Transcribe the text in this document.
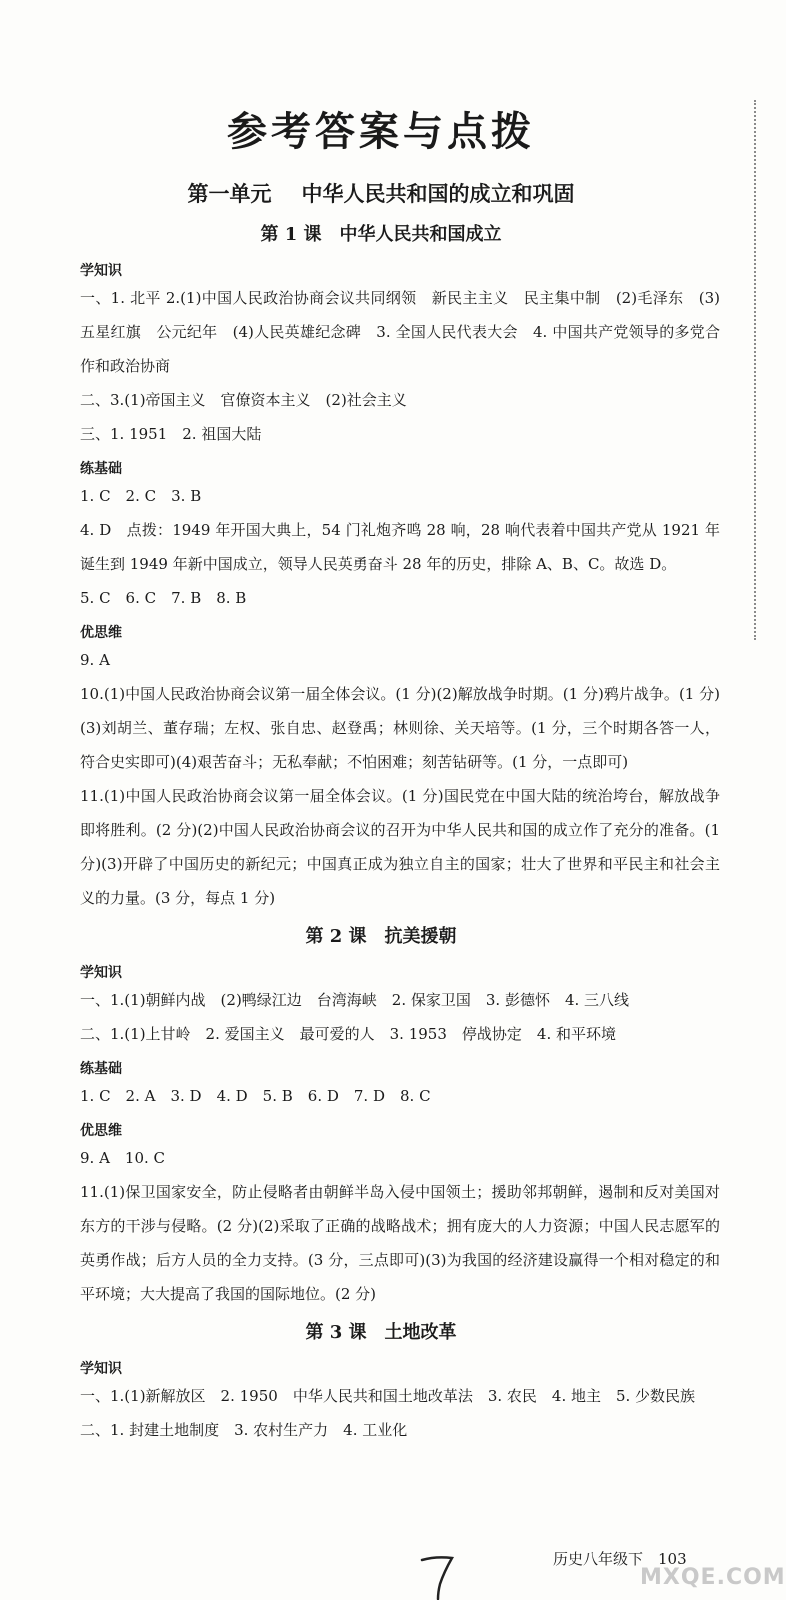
参考答案与点拨
第一单元 中华人民共和国的成立和巩固
第 1 课 中华人民共和国成立
学知识

一、1. 北平 2.(1)中国人民政治协商会议共同纲领　新民主主义　民主集中制　(2)毛泽东　(3)五星红旗　公元纪年　(4)人民英雄纪念碑　3. 全国人民代表大会　4. 中国共产党领导的多党合作和政治协商

二、3.(1)帝国主义　官僚资本主义　(2)社会主义

三、1. 1951　2. 祖国大陆

练基础

1. C　2. C　3. B

4. D　点拨：1949 年开国大典上，54 门礼炮齐鸣 28 响，28 响代表着中国共产党从 1921 年诞生到 1949 年新中国成立，领导人民英勇奋斗 28 年的历史，排除 A、B、C。故选 D。

5. C　6. C　7. B　8. B

优思维

9. A

10.(1)中国人民政治协商会议第一届全体会议。(1 分)(2)解放战争时期。(1 分)鸦片战争。(1 分)(3)刘胡兰、董存瑞；左权、张自忠、赵登禹；林则徐、关天培等。(1 分，三个时期各答一人，符合史实即可)(4)艰苦奋斗；无私奉献；不怕困难；刻苦钻研等。(1 分，一点即可)

11.(1)中国人民政治协商会议第一届全体会议。(1 分)国民党在中国大陆的统治垮台，解放战争即将胜利。(2 分)(2)中国人民政治协商会议的召开为中华人民共和国的成立作了充分的准备。(1 分)(3)开辟了中国历史的新纪元；中国真正成为独立自主的国家；壮大了世界和平民主和社会主义的力量。(3 分，每点 1 分)

第 2 课 抗美援朝
学知识

一、1.(1)朝鲜内战　(2)鸭绿江边　台湾海峡　2. 保家卫国　3. 彭德怀　4. 三八线

二、1.(1)上甘岭　2. 爱国主义　最可爱的人　3. 1953　停战协定　4. 和平环境

练基础

1. C　2. A　3. D　4. D　5. B　6. D　7. D　8. C

优思维

9. A　10. C

11.(1)保卫国家安全，防止侵略者由朝鲜半岛入侵中国领土；援助邻邦朝鲜，遏制和反对美国对东方的干涉与侵略。(2 分)(2)采取了正确的战略战术；拥有庞大的人力资源；中国人民志愿军的英勇作战；后方人员的全力支持。(3 分，三点即可)(3)为我国的经济建设赢得一个相对稳定的和平环境；大大提高了我国的国际地位。(2 分)

第 3 课 土地改革
学知识

一、1.(1)新解放区　2. 1950　中华人民共和国土地改革法　3. 农民　4. 地主　5. 少数民族

二、1. 封建土地制度　3. 农村生产力　4. 工业化

历史八年级下　103
MXQE.COM
